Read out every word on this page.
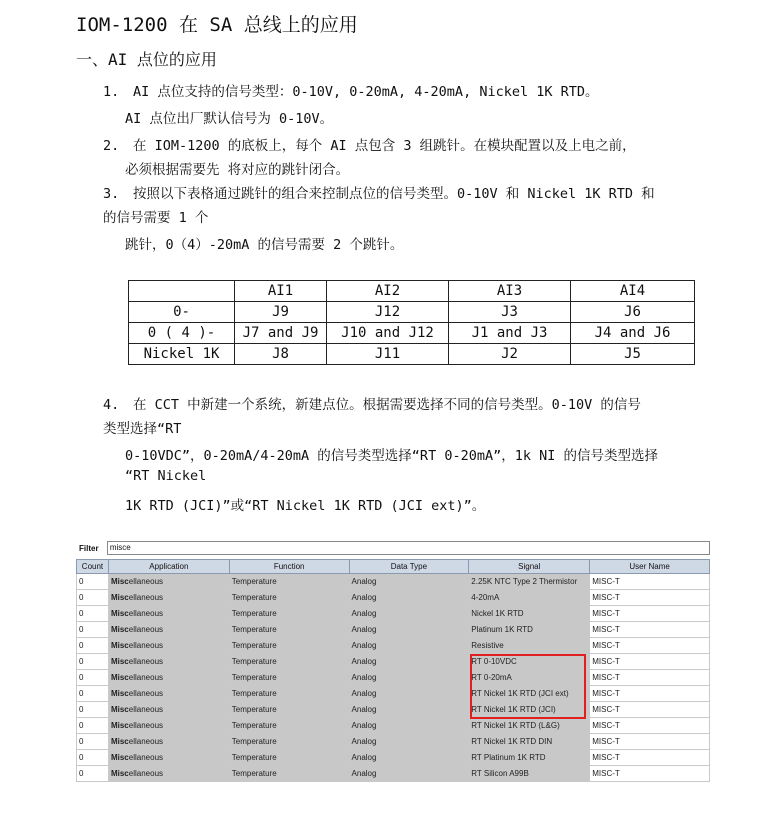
IOM-1200 在 SA 总线上的应用
一、AI 点位的应用
1. AI 点位支持的信号类型：0-10V, 0-20mA, 4-20mA, Nickel 1K RTD。
AI 点位出厂默认信号为 0-10V。
2. 在 IOM-1200 的底板上，每个 AI 点包含 3 组跳针。在模块配置以及上电之前，
必须根据需要先 将对应的跳针闭合。
3. 按照以下表格通过跳针的组合来控制点位的信号类型。0-10V 和 Nickel 1K RTD 和
的信号需要 1 个
跳针，0（4）-20mA 的信号需要 2 个跳针。
	AI1	AI2	AI3	AI4
0-	J9	J12	J3	J6
0 ( 4 )-	J7 and J9	J10 and J12	J1 and J3	J4 and J6
Nickel 1K	J8	J11	J2	J5
4. 在 CCT 中新建一个系统，新建点位。根据需要选择不同的信号类型。0-10V 的信号
类型选择“RT
0-10VDC”，0-20mA/4-20mA 的信号类型选择“RT 0-20mA”，1k NI 的信号类型选择
“RT Nickel
1K RTD (JCI)”或“RT Nickel 1K RTD (JCI ext)”。
Filter	misce
Count	Application	Function	Data Type	Signal	User Name
0	Miscellaneous	Temperature	Analog	2.25K NTC Type 2 Thermistor	MISC-T
0	Miscellaneous	Temperature	Analog	4-20mA	MISC-T
0	Miscellaneous	Temperature	Analog	Nickel 1K RTD	MISC-T
0	Miscellaneous	Temperature	Analog	Platinum 1K RTD	MISC-T
0	Miscellaneous	Temperature	Analog	Resistive	MISC-T
0	Miscellaneous	Temperature	Analog	RT 0-10VDC	MISC-T
0	Miscellaneous	Temperature	Analog	RT 0-20mA	MISC-T
0	Miscellaneous	Temperature	Analog	RT Nickel 1K RTD (JCI ext)	MISC-T
0	Miscellaneous	Temperature	Analog	RT Nickel 1K RTD (JCI)	MISC-T
0	Miscellaneous	Temperature	Analog	RT Nickel 1K RTD (L&G)	MISC-T
0	Miscellaneous	Temperature	Analog	RT Nickel 1K RTD DIN	MISC-T
0	Miscellaneous	Temperature	Analog	RT Platinum 1K RTD	MISC-T
0	Miscellaneous	Temperature	Analog	RT Silicon A99B	MISC-T
